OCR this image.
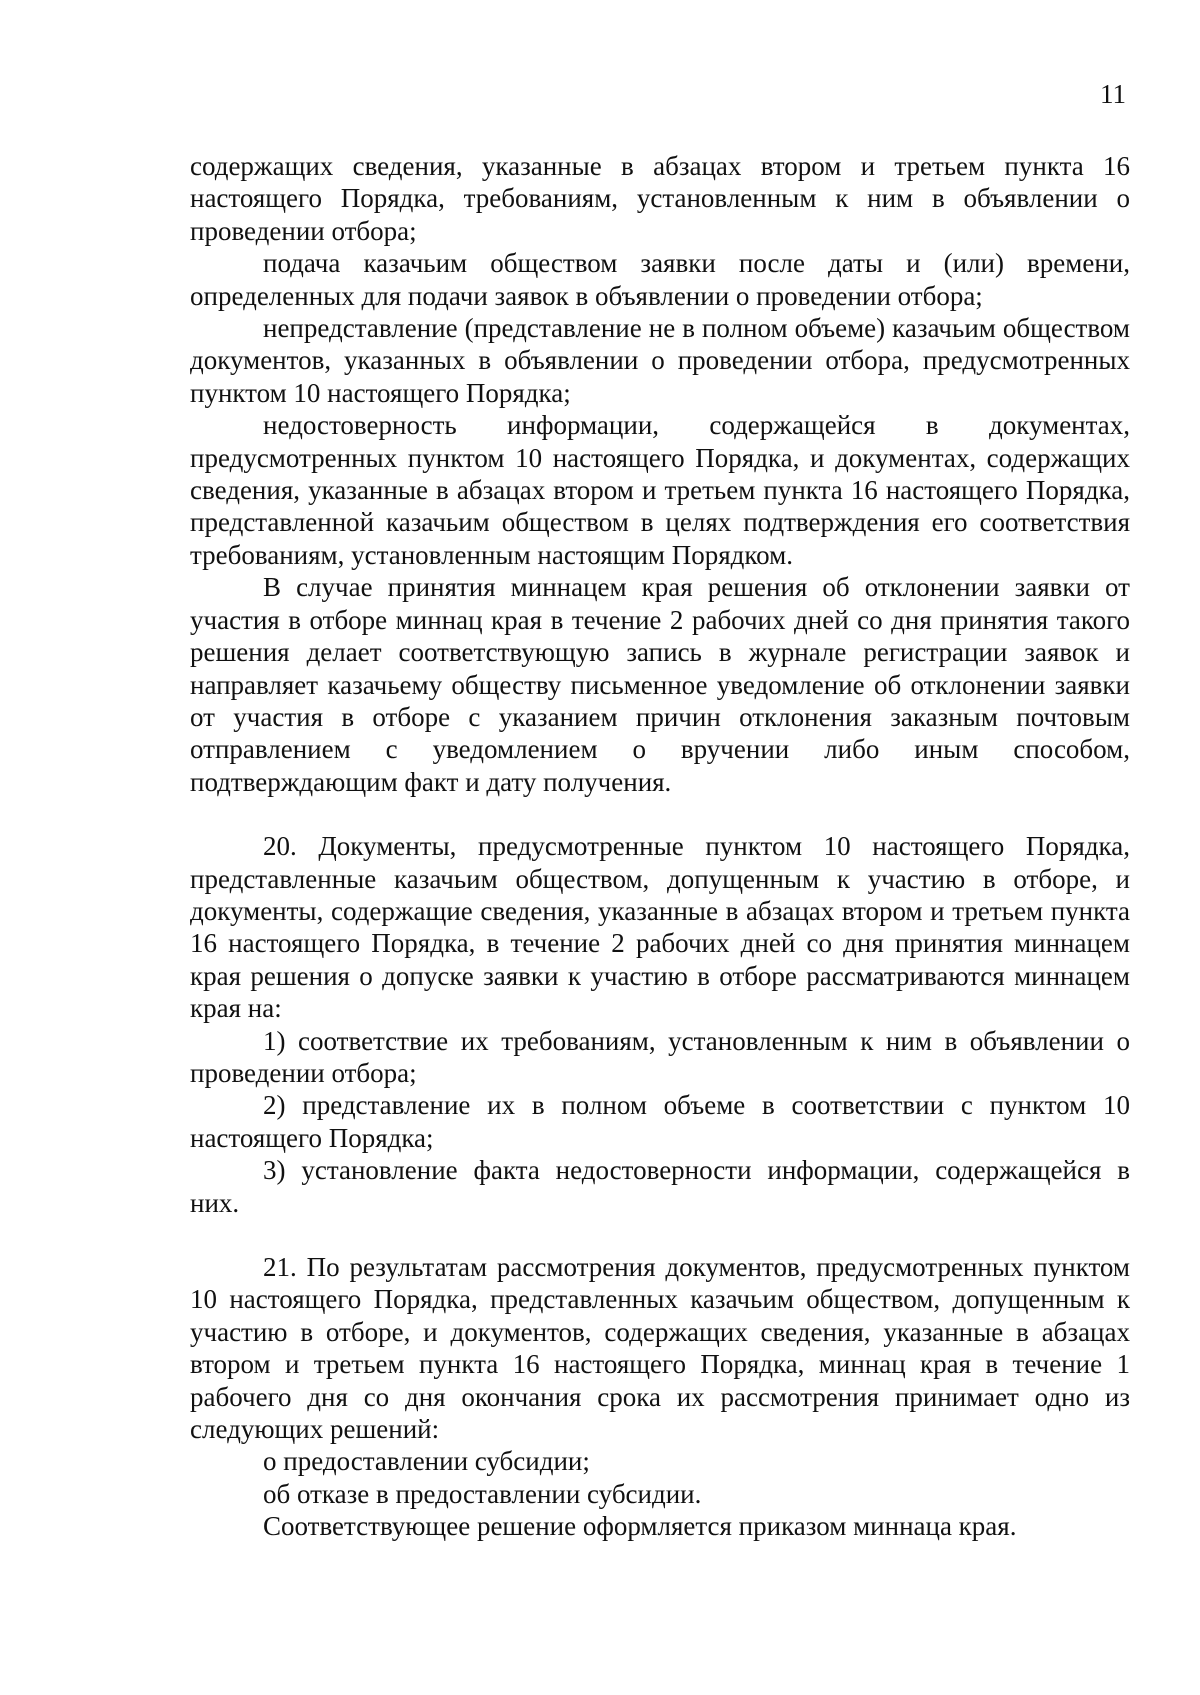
11

содержащих сведения, указанные в абзацах втором и третьем пункта 16 настоящего Порядка, требованиям, установленным к ним в объявлении о проведении отбора;

подача казачьим обществом заявки после даты и (или) времени, определенных для подачи заявок в объявлении о проведении отбора;

непредставление (представление не в полном объеме) казачьим обществом документов, указанных в объявлении о проведении отбора, предусмотренных пунктом 10 настоящего Порядка;

недостоверность информации, содержащейся в документах, предусмотренных пунктом 10 настоящего Порядка, и документах, содержащих сведения, указанные в абзацах втором и третьем пункта 16 настоящего Порядка, представленной казачьим обществом в целях подтверждения его соответствия требованиям, установленным настоящим Порядком.

В случае принятия миннацем края решения об отклонении заявки от участия в отборе миннац края в течение 2 рабочих дней со дня принятия такого решения делает соответствующую запись в журнале регистрации заявок и направляет казачьему обществу письменное уведомление об отклонении заявки от участия в отборе с указанием причин отклонения заказным почтовым отправлением с уведомлением о вручении либо иным способом, подтверждающим факт и дату получения.

20. Документы, предусмотренные пунктом 10 настоящего Порядка, представленные казачьим обществом, допущенным к участию в отборе, и документы, содержащие сведения, указанные в абзацах втором и третьем пункта 16 настоящего Порядка, в течение 2 рабочих дней со дня принятия миннацем края решения о допуске заявки к участию в отборе рассматриваются миннацем края на:

1) соответствие их требованиям, установленным к ним в объявлении о проведении отбора;

2) представление их в полном объеме в соответствии с пунктом 10 настоящего Порядка;

3) установление факта недостоверности информации, содержащейся в них.

21. По результатам рассмотрения документов, предусмотренных пунктом 10 настоящего Порядка, представленных казачьим обществом, допущенным к участию в отборе, и документов, содержащих сведения, указанные в абзацах втором и третьем пункта 16 настоящего Порядка, миннац края в течение 1 рабочего дня со дня окончания срока их рассмотрения принимает одно из следующих решений:

о предоставлении субсидии;

об отказе в предоставлении субсидии.

Соответствующее решение оформляется приказом миннаца края.
